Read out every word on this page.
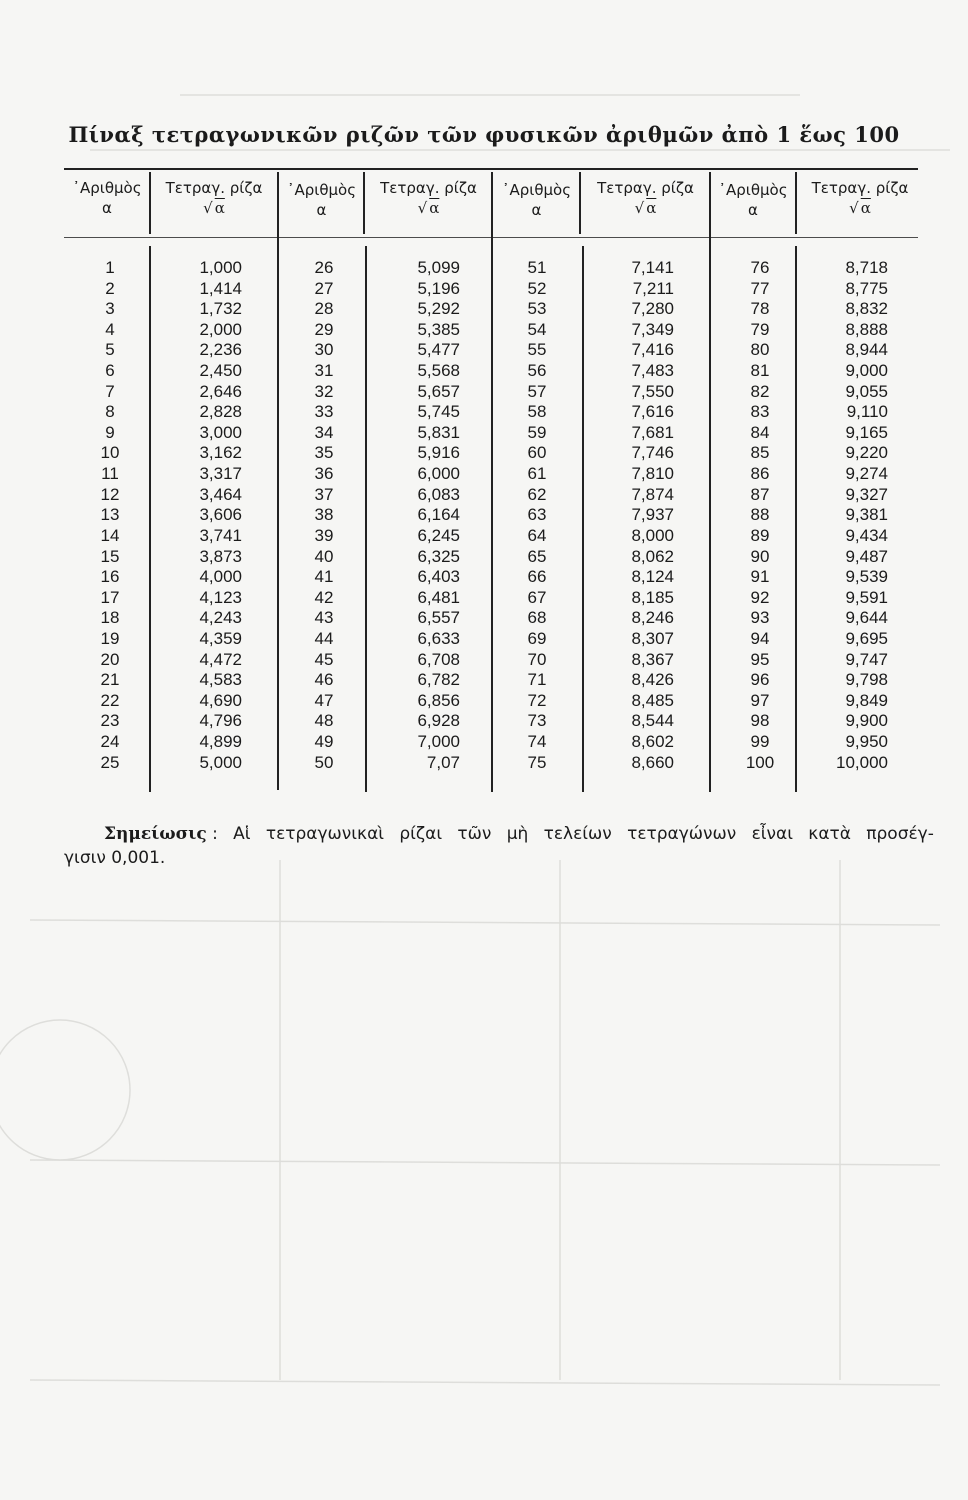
Πίναξ τετραγωνικῶν ριζῶν τῶν φυσικῶν ἀριθμῶν ἀπὸ 1 ἕως 100
᾿Αριθμὸς
α
Τετραγ. ρίζα
√ α
᾿Αριθμὸς
α
Τετραγ. ρίζα
√ α
᾿Αριθμὸς
α
Τετραγ. ρίζα
√ α
᾿Αριθμὸς
α
Τετραγ. ρίζα
√ α
1
2
3
4
5
6
7
8
9
10
11
12
13
14
15
16
17
18
19
20
21
22
23
24
25
1,000
1,414
1,732
2,000
2,236
2,450
2,646
2,828
3,000
3,162
3,317
3,464
3,606
3,741
3,873
4,000
4,123
4,243
4,359
4,472
4,583
4,690
4,796
4,899
5,000
26
27
28
29
30
31
32
33
34
35
36
37
38
39
40
41
42
43
44
45
46
47
48
49
50
5,099
5,196
5,292
5,385
5,477
5,568
5,657
5,745
5,831
5,916
6,000
6,083
6,164
6,245
6,325
6,403
6,481
6,557
6,633
6,708
6,782
6,856
6,928
7,000
7,07
51
52
53
54
55
56
57
58
59
60
61
62
63
64
65
66
67
68
69
70
71
72
73
74
75
7,141
7,211
7,280
7,349
7,416
7,483
7,550
7,616
7,681
7,746
7,810
7,874
7,937
8,000
8,062
8,124
8,185
8,246
8,307
8,367
8,426
8,485
8,544
8,602
8,660
76
77
78
79
80
81
82
83
84
85
86
87
88
89
90
91
92
93
94
95
96
97
98
99
100
8,718
8,775
8,832
8,888
8,944
9,000
9,055
9,110
9,165
9,220
9,274
9,327
9,381
9,434
9,487
9,539
9,591
9,644
9,695
9,747
9,798
9,849
9,900
9,950
10,000
Σημείωσις : Αἱ τετραγωνικαὶ ρίζαι τῶν μὴ τελείων τετραγώνων εἶναι κατὰ προσέγ-
γισιν 0,001.
